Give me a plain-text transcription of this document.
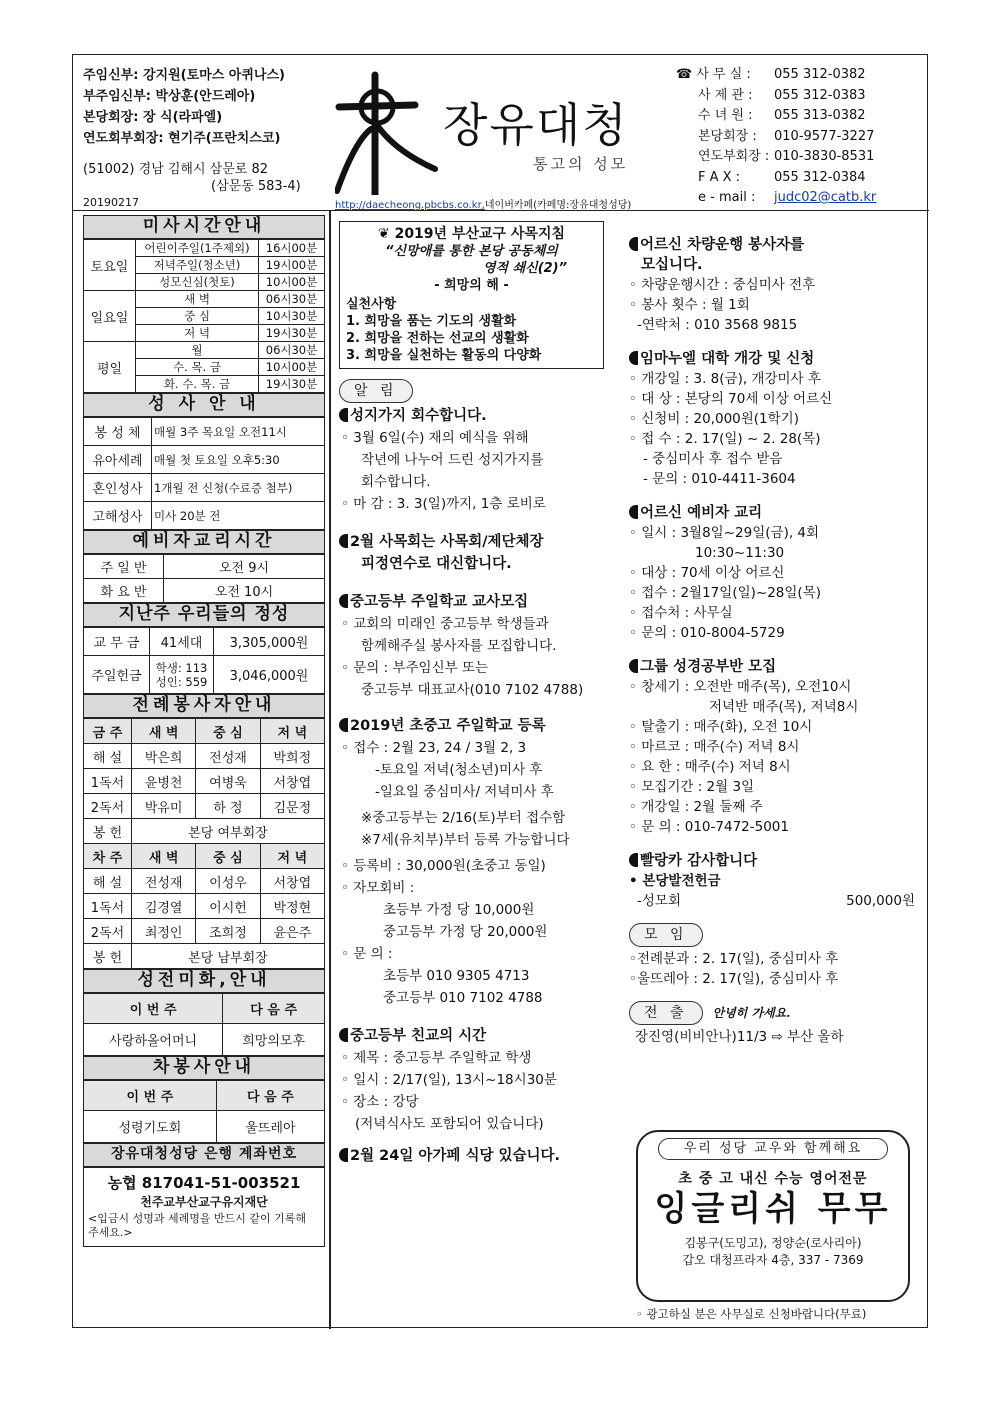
주임신부: 강지원(토마스 아퀴나스)
부주임신부: 박상훈(안드레아)
본당회장: 장 식(라파엘)
연도회부회장: 현기주(프란치스코)
(51002) 경남 김해시 삼문로 82
(삼문동 583-4)
20190217	http://daecheong.pbcbs.co.kr,네이버카페(카페명:장유대청성당)
장유대청
통고의 성모
☎ 사 무 실 :	055 312-0382
사 제 관 :	055 312-0383
수 녀 원 :	055 313-0382
본당회장 :	010-9577-3227
연도부회장 : 010-3830-8531
F A X :	055 312-0384
e - mail :	judc02@catb.kr
미사시간안내
토요일	어린이주일(1주제외)	16시00분
	저녁주일(청소년)	19시00분
	성모신심(첫토)	10시00분
일요일	새 벽	06시30분
	중 심	10시30분
	저 녁	19시30분
평일	월	06시30분
	수. 목. 금	10시00분
	화. 수. 목. 금	19시30분
성 사 안 내
봉 성 체	매월 3주 목요일 오전11시
유아세례	매월 첫 토요일 오후5:30
혼인성사	1개월 전 신청(수료증 첨부)
고해성사	미사 20분 전
예비자교리시간
주 일 반	오전 9시
화 요 반	오전 10시
지난주 우리들의 정성
교 무 금	41세대	3,305,000원
주일헌금	학생: 113
성인: 559	3,046,000원
전례봉사자안내
금 주	새 벽	중 심	저 녁
해 설	박은희	전성재	박희정
1독서	윤병천	여병욱	서창엽
2독서	박유미	하 정	김문정
봉 헌	본당 여부회장		
차 주	새 벽	중 심	저 녁
해 설	전성재	이성우	서창엽
1독서	김경열	이시헌	박정현
2독서	최정인	조희정	윤은주
봉 헌	본당 남부회장		
성전미화,안내
이 번 주	다 음 주
사랑하올어머니	희망의모후
차봉사안내
이 번 주	다 음 주
성령기도회	울뜨레아
장유대청성당 은행 계좌번호
농협 817041-51-003521
천주교부산교구유지재단
<입금시 성명과 세례명을 반드시 같이 기록해 주세요.>
❦ 2019년 부산교구 사목지침
“신망애를 통한 본당 공동체의
영적 쇄신(2)”
- 희망의 해 -
실천사항
1. 희망을 품는 기도의 생활화
2. 희망을 전하는 선교의 생활화
3. 희망을 실천하는 활동의 다양화
알 림
성지가지 회수합니다.
◦ 3월 6일(수) 재의 예식을 위해
작년에 나누어 드린 성지가지를
회수합니다.
◦ 마 감 : 3. 3(일)까지, 1층 로비로
2월 사목회는 사목회/제단체장
피정연수로 대신합니다.
중고등부 주일학교 교사모집
◦ 교회의 미래인 중고등부 학생들과
함께해주실 봉사자를 모집합니다.
◦ 문의 : 부주임신부 또는
중고등부 대표교사(010 7102 4788)
2019년 초중고 주일학교 등록
◦ 접수 : 2월 23, 24 / 3월 2, 3
-토요일 저녁(청소년)미사 후
-일요일 중심미사/ 저녁미사 후
※중고등부는 2/16(토)부터 접수함
※7세(유치부)부터 등록 가능합니다
◦ 등록비 : 30,000원(초중고 동일)
◦ 자모회비 :
초등부 가정 당 10,000원
중고등부 가정 당 20,000원
◦ 문 의 :
초등부 010 9305 4713
중고등부 010 7102 4788
중고등부 친교의 시간
◦ 제목 : 중고등부 주일학교 학생
◦ 일시 : 2/17(일), 13시~18시30분
◦ 장소 : 강당
(저녁식사도 포함되어 있습니다)
2월 24일 아가페 식당 있습니다.
어르신 차량운행 봉사자를
모십니다.
◦ 차량운행시간 : 중심미사 전후
◦ 봉사 횟수 : 월 1회
-연락처 : 010 3568 9815
임마누엘 대학 개강 및 신청
◦ 개강일 : 3. 8(금), 개강미사 후
◦ 대 상 : 본당의 70세 이상 어르신
◦ 신청비 : 20,000원(1학기)
◦ 접 수 : 2. 17(일) ~ 2. 28(목)
- 중심미사 후 접수 받음
- 문의 : 010-4411-3604
어르신 예비자 교리
◦ 일시 : 3월8일~29일(금), 4회
10:30~11:30
◦ 대상 : 70세 이상 어르신
◦ 접수 : 2월17일(일)~28일(목)
◦ 접수처 : 사무실
◦ 문의 : 010-8004-5729
그룹 성경공부반 모집
◦ 창세기 : 오전반 매주(목), 오전10시
저녁반 매주(목), 저녁8시
◦ 탈출기 : 매주(화), 오전 10시
◦ 마르코 : 매주(수) 저녁 8시
◦ 요 한 : 매주(수) 저녁 8시
◦ 모집기간 : 2월 3일
◦ 개강일 : 2월 둘째 주
◦ 문 의 : 010-7472-5001
빨랑카 감사합니다
• 본당발전헌금
-성모회	500,000원
모 임
◦전례분과 : 2. 17(일), 중심미사 후
◦울뜨레아 : 2. 17(일), 중심미사 후
전 출	안녕히 가세요.
장진영(비비안나)11/3 ⇨ 부산 올하
우리 성당 교우와 함께해요
초 중 고 내신 수능 영어전문
잉글리쉬 무무
김봉구(도밍고), 정양순(로사리아)
갑오 대청프라자 4층, 337 - 7369
◦ 광고하실 분은 사무실로 신청바랍니다(무료)
